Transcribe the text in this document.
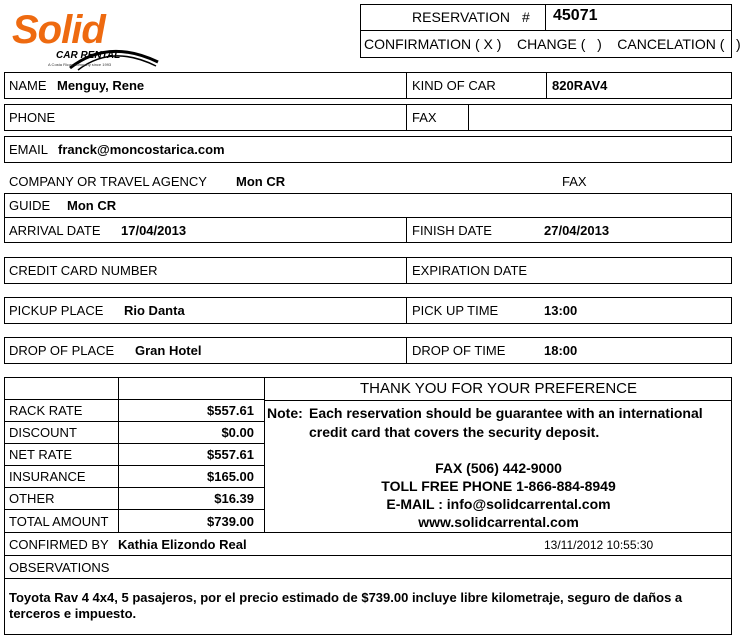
Solid
CAR RENTAL
A Costa Rican company since 1993
RESERVATION # 45071
CONFIRMATION ( X )    CHANGE (   )    CANCELATION (   )
NAME Menguy, Rene	KIND OF CAR	820RAV4
PHONE	FAX
EMAIL franck@moncostarica.com
COMPANY OR TRAVEL AGENCY Mon CR	FAX
GUIDE Mon CR
ARRIVAL DATE 17/04/2013	FINISH DATE	27/04/2013
CREDIT CARD NUMBER	EXPIRATION DATE
PICKUP PLACE Rio Danta	PICK UP TIME	13:00
DROP OF PLACE Gran Hotel	DROP OF TIME	18:00
RACK RATE	$557.61
DISCOUNT	$0.00
NET RATE	$557.61
INSURANCE	$165.00
OTHER	$16.39
TOTAL AMOUNT	$739.00
THANK YOU FOR YOUR PREFERENCE
Note: Each reservation should be guarantee with an international
credit card that covers the security deposit.
FAX (506) 442-9000
TOLL FREE PHONE 1-866-884-8949
E-MAIL : info@solidcarrental.com
www.solidcarrental.com
CONFIRMED BY Kathia Elizondo Real	13/11/2012 10:55:30
OBSERVATIONS
Toyota Rav 4 4x4, 5 pasajeros, por el precio estimado de $739.00 incluye libre kilometraje, seguro de daños a
terceros e impuesto.
